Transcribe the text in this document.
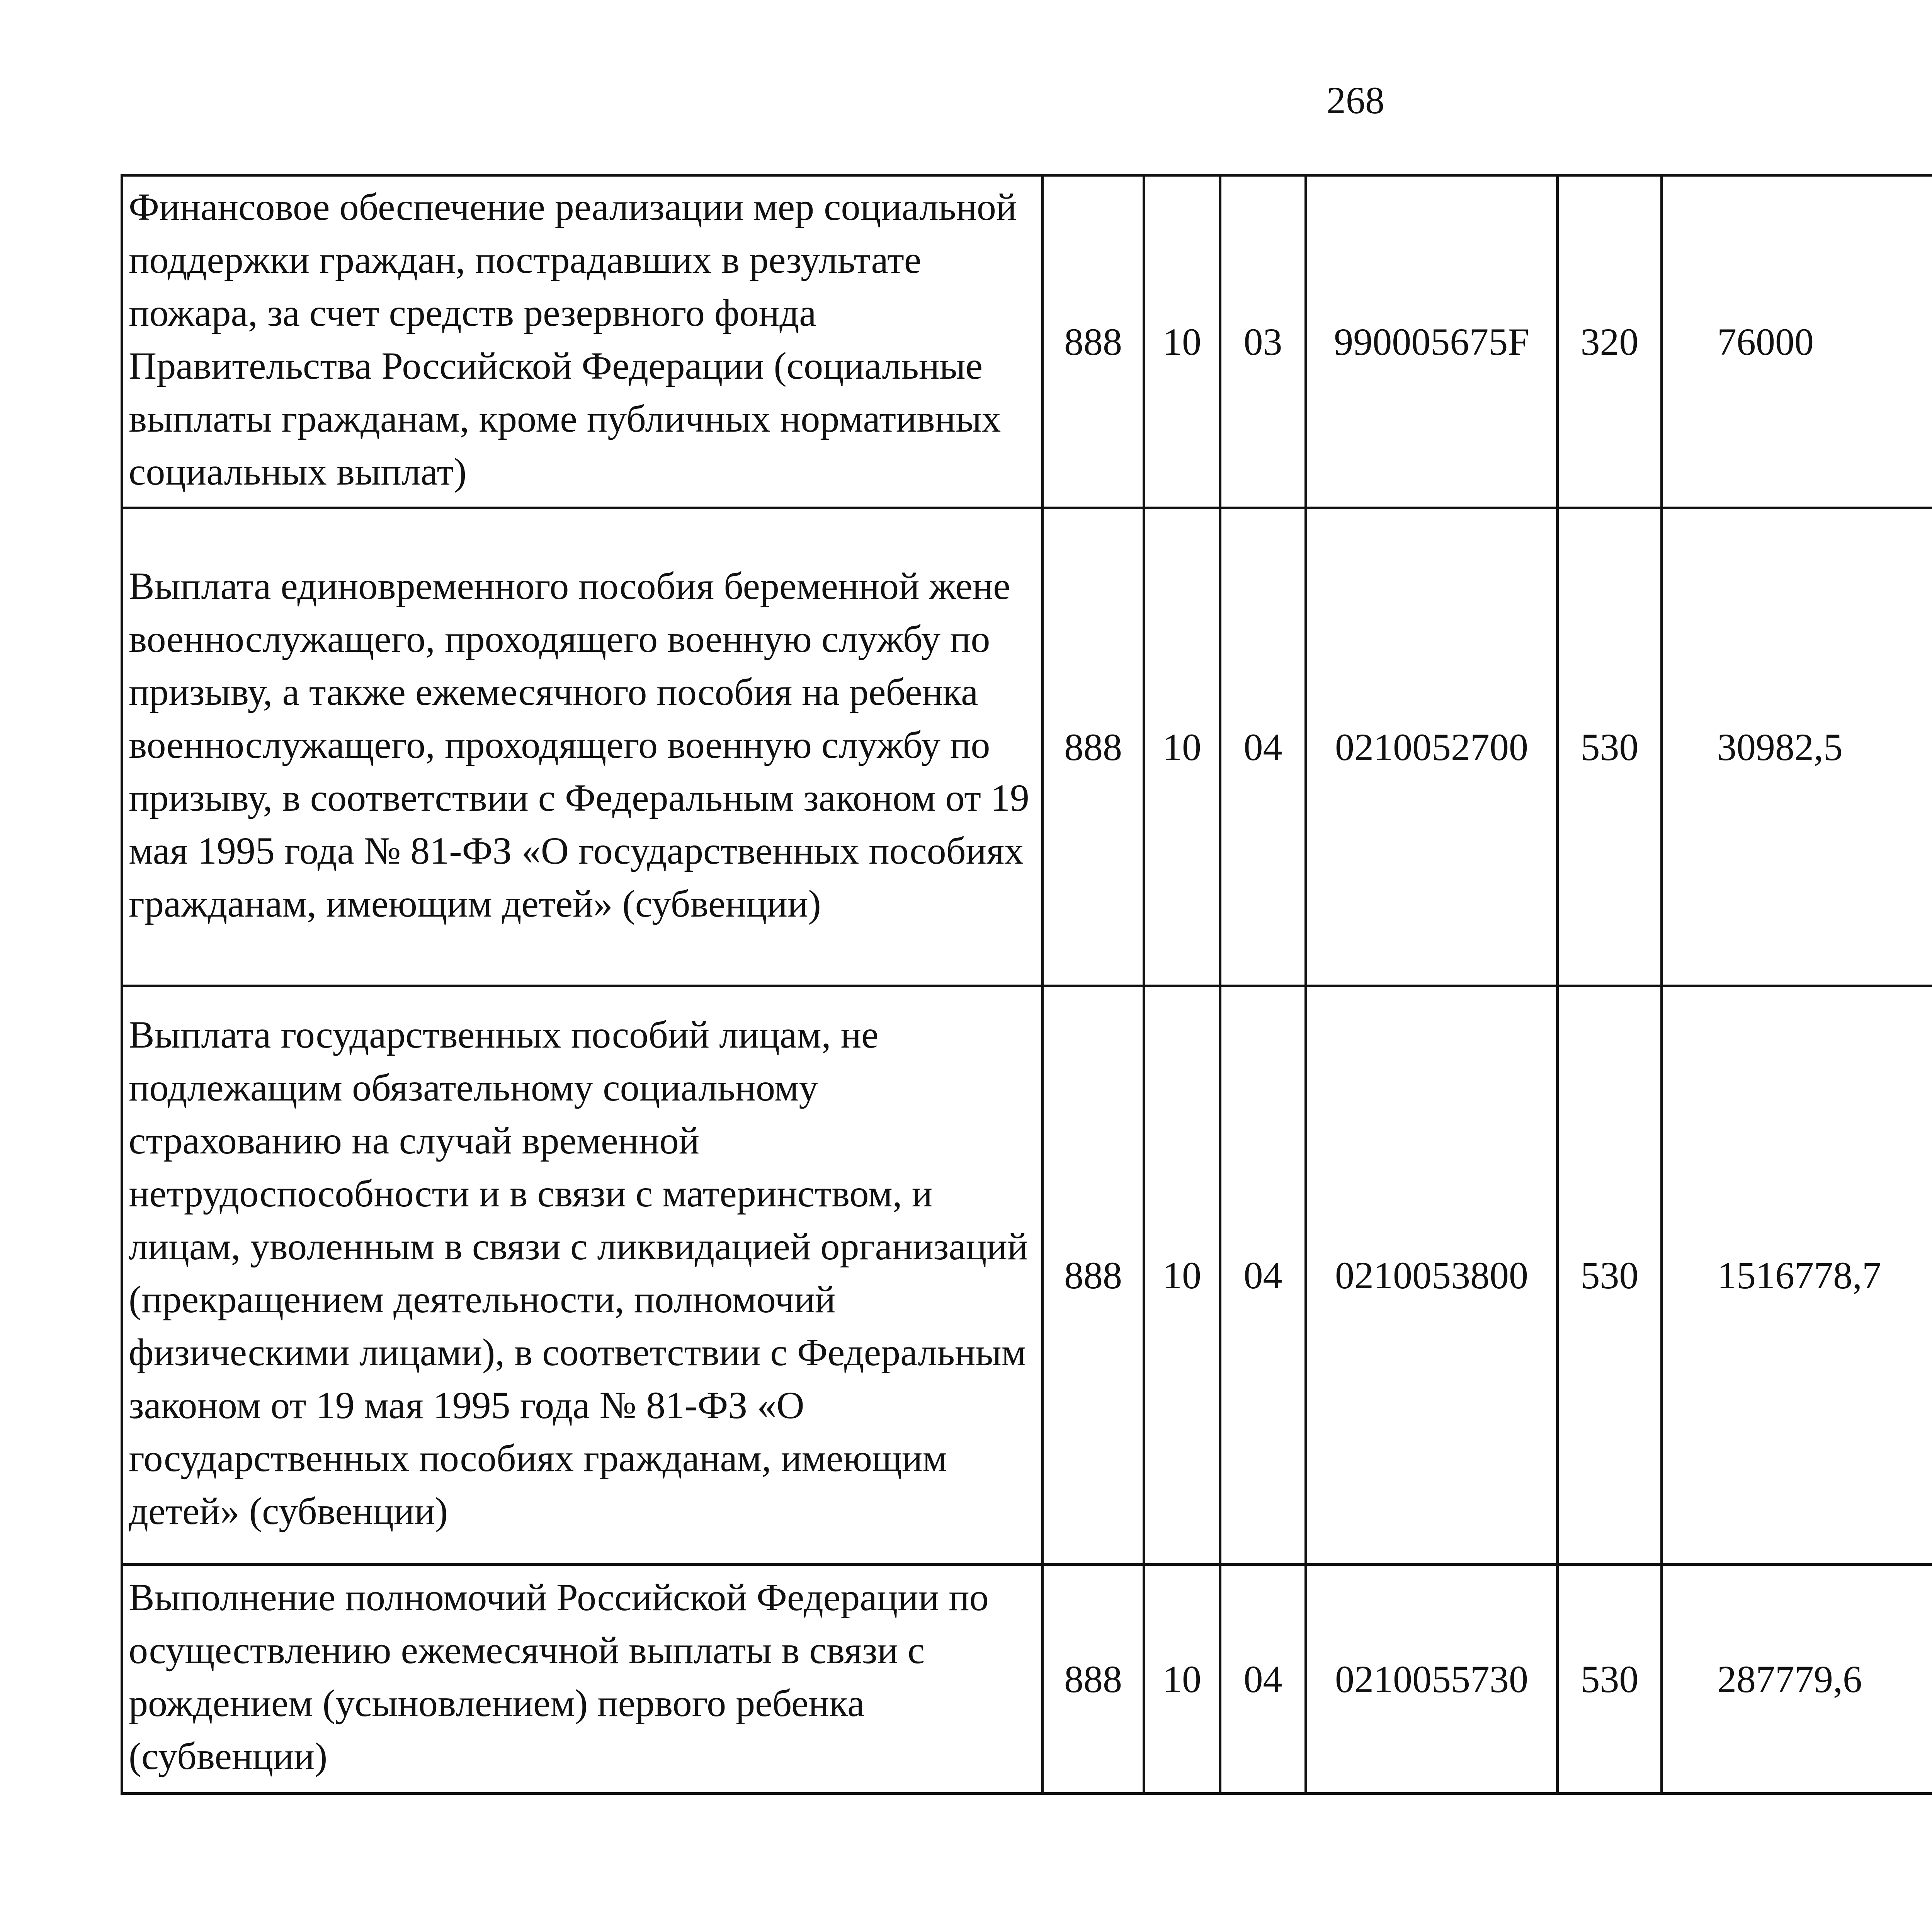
268
Финансовое обеспечение реализации мер социальной поддержки граждан, пострадавших в результате пожара, за счет средств резервного фонда Правительства Российской Федерации (социальные выплаты гражданам, кроме публичных нормативных социальных выплат)	888	10	03	990005675F	320	76000		
Выплата единовременного пособия беременной жене военнослужащего, проходящего военную службу по призыву, а также ежемесячного пособия на ребенка военнослужащего, проходящего военную службу по призыву, в соответствии с Федеральным законом от 19 мая 1995 года № 81-ФЗ «О государственных пособиях гражданам, имеющим детей» (субвенции)	888	10	04	0210052700	530	30982,5		
Выплата государственных пособий лицам, не подлежащим обязательному социальному страхованию на случай временной нетрудоспособности и в связи с материнством, и лицам, уволенным в связи с ликвидацией организаций (прекращением деятельности, полномочий физическими лицами), в соответствии с Федеральным законом от 19 мая 1995 года № 81-ФЗ «О государственных пособиях гражданам, имеющим детей» (субвенции)	888	10	04	0210053800	530	1516778,7		
Выполнение полномочий Российской Федерации по осуществлению ежемесячной выплаты в связи с рождением (усыновлением) первого ребенка (субвенции)	888	10	04	0210055730	530	287779,6		
